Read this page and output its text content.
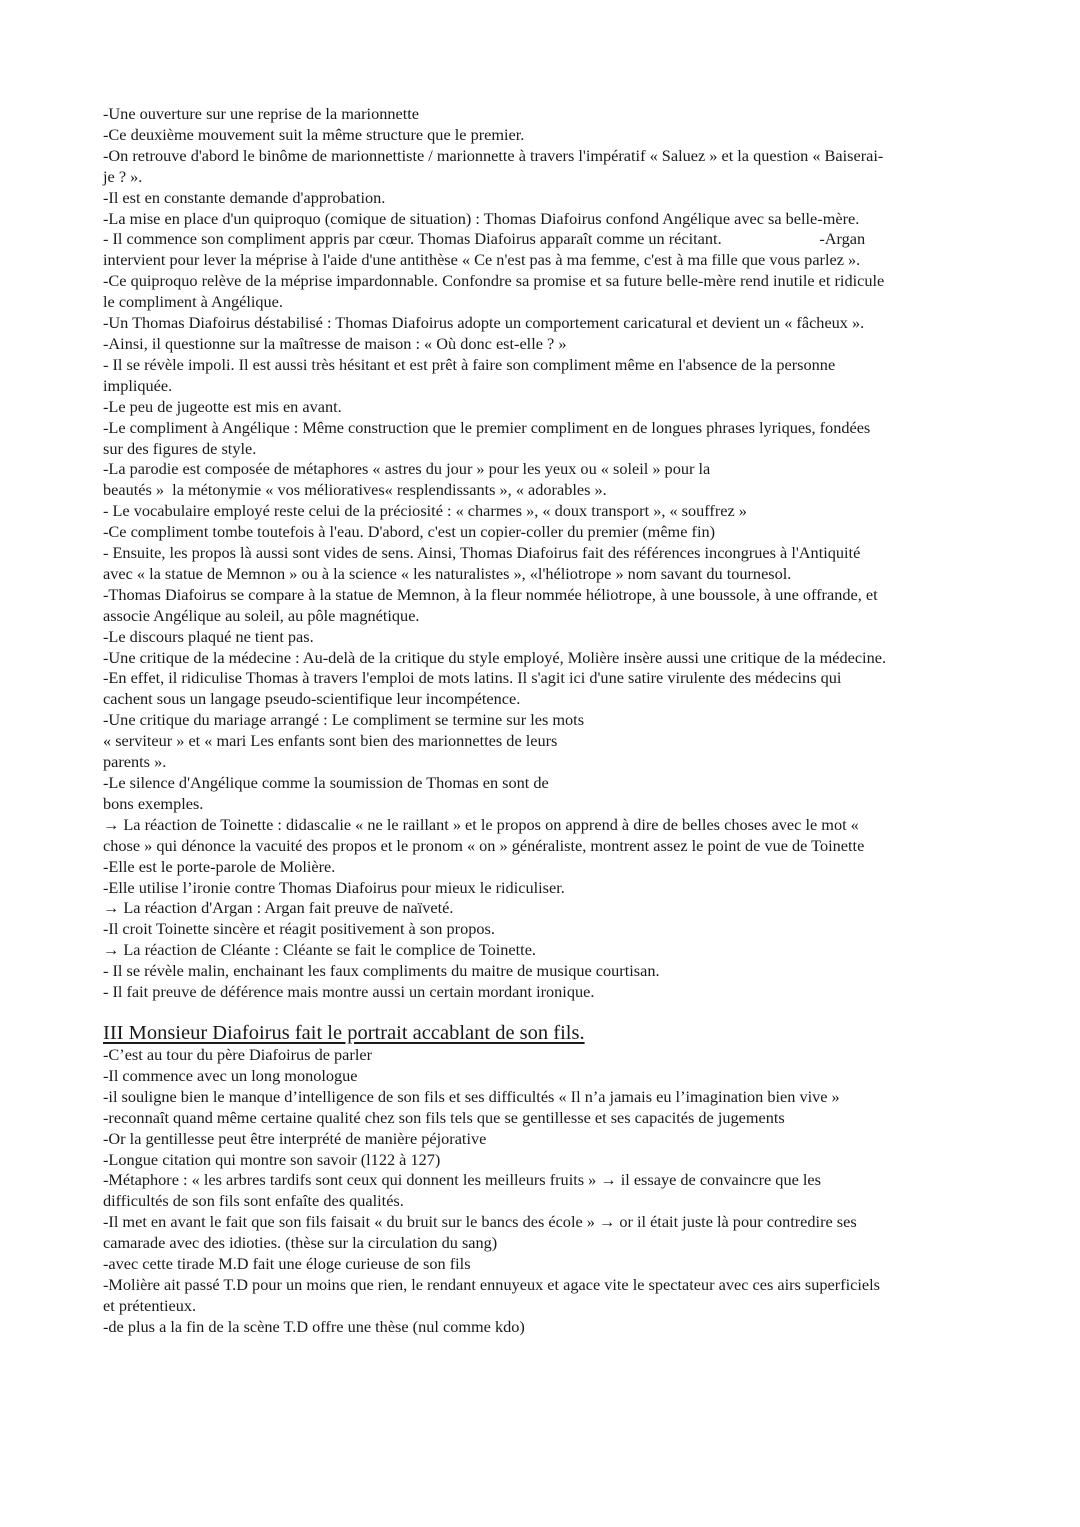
-Une ouverture sur une reprise de la marionnette

-Ce deuxième mouvement suit la même structure que le premier.

-On retrouve d'abord le binôme de marionnettiste / marionnette à travers l'impératif « Saluez » et la question « Baiserai-

je ? ».

-Il est en constante demande d'approbation.

-La mise en place d'un quiproquo (comique de situation) : Thomas Diafoirus confond Angélique avec sa belle-mère.

- Il commence son compliment appris par cœur. Thomas Diafoirus apparaît comme un récitant.                        -Argan

intervient pour lever la méprise à l'aide d'une antithèse « Ce n'est pas à ma femme, c'est à ma fille que vous parlez ».

-Ce quiproquo relève de la méprise impardonnable. Confondre sa promise et sa future belle-mère rend inutile et ridicule

le compliment à Angélique.

-Un Thomas Diafoirus déstabilisé : Thomas Diafoirus adopte un comportement caricatural et devient un « fâcheux ».

-Ainsi, il questionne sur la maîtresse de maison : « Où donc est-elle ? »

- Il se révèle impoli. Il est aussi très hésitant et est prêt à faire son compliment même en l'absence de la personne

impliquée.

-Le peu de jugeotte est mis en avant.

-Le compliment à Angélique : Même construction que le premier compliment en de longues phrases lyriques, fondées

sur des figures de style.

-La parodie est composée de métaphores « astres du jour » pour les yeux ou « soleil » pour la

beautés »  la métonymie « vos mélioratives« resplendissants », « adorables ».

- Le vocabulaire employé reste celui de la préciosité : « charmes », « doux transport », « souffrez »

-Ce compliment tombe toutefois à l'eau. D'abord, c'est un copier-coller du premier (même fin)

- Ensuite, les propos là aussi sont vides de sens. Ainsi, Thomas Diafoirus fait des références incongrues à l'Antiquité

avec « la statue de Memnon » ou à la science « les naturalistes », «l'héliotrope » nom savant du tournesol.

-Thomas Diafoirus se compare à la statue de Memnon, à la fleur nommée héliotrope, à une boussole, à une offrande, et

associe Angélique au soleil, au pôle magnétique.

-Le discours plaqué ne tient pas.

-Une critique de la médecine : Au-delà de la critique du style employé, Molière insère aussi une critique de la médecine.

-En effet, il ridiculise Thomas à travers l'emploi de mots latins. Il s'agit ici d'une satire virulente des médecins qui

cachent sous un langage pseudo-scientifique leur incompétence.

-Une critique du mariage arrangé : Le compliment se termine sur les mots

« serviteur » et « mari Les enfants sont bien des marionnettes de leurs

parents ».

-Le silence d'Angélique comme la soumission de Thomas en sont de

bons exemples.

→ La réaction de Toinette : didascalie « ne le raillant » et le propos on apprend à dire de belles choses avec le mot «

chose » qui dénonce la vacuité des propos et le pronom « on » généraliste, montrent assez le point de vue de Toinette

-Elle est le porte-parole de Molière.

-Elle utilise l’ironie contre Thomas Diafoirus pour mieux le ridiculiser.

→ La réaction d'Argan : Argan fait preuve de naïveté.

-Il croit Toinette sincère et réagit positivement à son propos.

→ La réaction de Cléante : Cléante se fait le complice de Toinette.

- Il se révèle malin, enchainant les faux compliments du maitre de musique courtisan.

- Il fait preuve de déférence mais montre aussi un certain mordant ironique.

III Monsieur Diafoirus fait le portrait accablant de son fils.

-C’est au tour du père Diafoirus de parler

-Il commence avec un long monologue

-il souligne bien le manque d’intelligence de son fils et ses difficultés « Il n’a jamais eu l’imagination bien vive »

-reconnaît quand même certaine qualité chez son fils tels que se gentillesse et ses capacités de jugements

-Or la gentillesse peut être interprété de manière péjorative

-Longue citation qui montre son savoir (l122 à 127)

-Métaphore : « les arbres tardifs sont ceux qui donnent les meilleurs fruits » → il essaye de convaincre que les

difficultés de son fils sont enfaîte des qualités.

-Il met en avant le fait que son fils faisait « du bruit sur le bancs des école » → or il était juste là pour contredire ses

camarade avec des idioties. (thèse sur la circulation du sang)

-avec cette tirade M.D fait une éloge curieuse de son fils

-Molière ait passé T.D pour un moins que rien, le rendant ennuyeux et agace vite le spectateur avec ces airs superficiels

et prétentieux.

-de plus a la fin de la scène T.D offre une thèse (nul comme kdo)
